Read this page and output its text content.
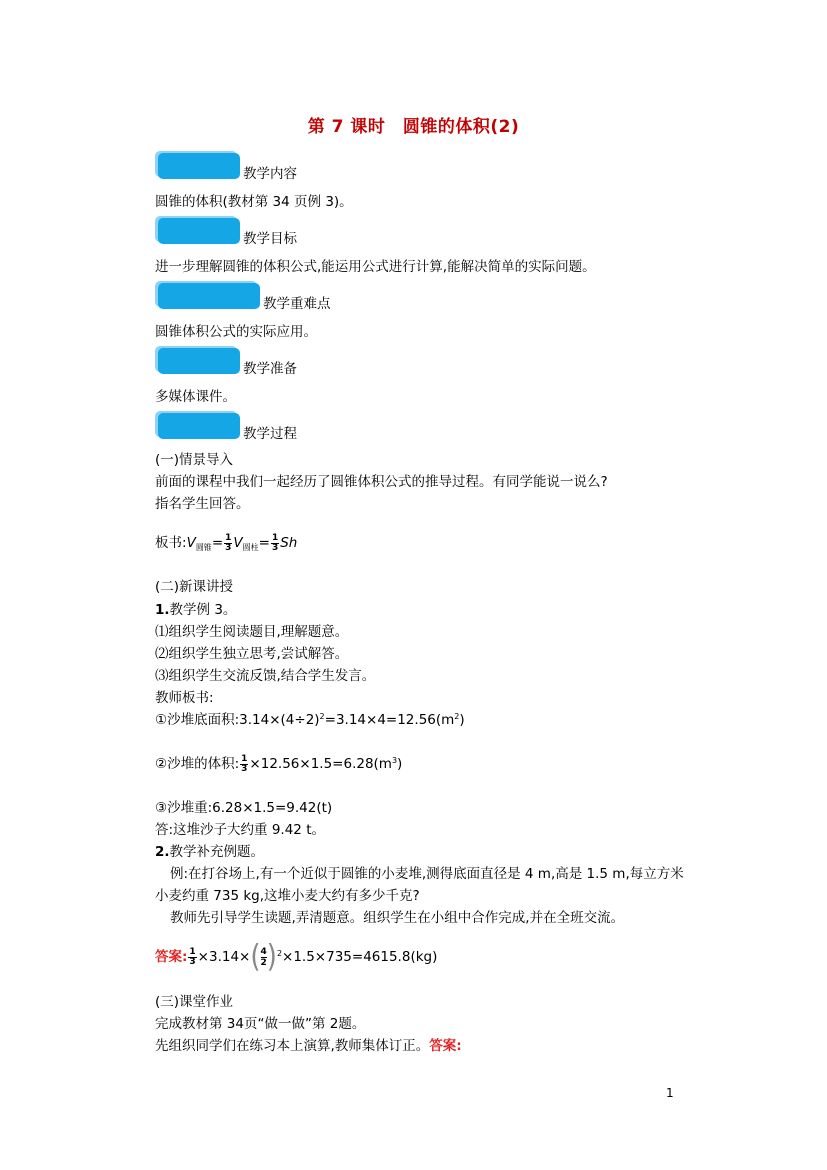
第 7 课时　圆锥的体积(2)
教学内容
圆锥的体积(教材第 34 页例 3)。
教学目标
进一步理解圆锥的体积公式,能运用公式进行计算,能解决简单的实际问题。
教学重难点
圆锥体积公式的实际应用。
教学准备
多媒体课件。
教学过程
(一)情景导入
前面的课程中我们一起经历了圆锥体积公式的推导过程。有同学能说一说么?
指名学生回答。
板书$:V_{圆锥}= \frac{1}{3} V_{圆柱}= \frac{1}{3}$ Sh
(二)新课讲授
1.教学例 3。
⑴组织学生阅读题目,理解题意。
⑵组织学生独立思考,尝试解答。
⑶组织学生交流反馈,结合学生发言。
教师板书:
①沙堆底面积$:3.14\times(4\div 2)^2=3.14\times 4=12.56(m^2)$
②沙堆的体积: $\frac{1}{3} \times 12.56\times 1.5=6.28(m^3)$
③沙堆重:6.28×1.5=9.42(t)
答:这堆沙子大约重 9.42 t。
2.教学补充例题。
例:在打谷场上,有一个近似于圆锥的小麦堆,测得底面直径是 4 m,高是 1.5 m,每立方米
小麦约重 735 kg,这堆小麦大约有多少千克?
教师先引导学生读题,弄清题意。组织学生在小组中合作完成,并在全班交流。
答案: $\frac{1}{3} \times 3.14\times( \frac{4}{2} )^2\times 1.5\times 735=4615.8(kg)$
(三)课堂作业
完成教材第 34页“做一做”第 2题。
先组织同学们在练习本上演算,教师集体订正。答案:
1
